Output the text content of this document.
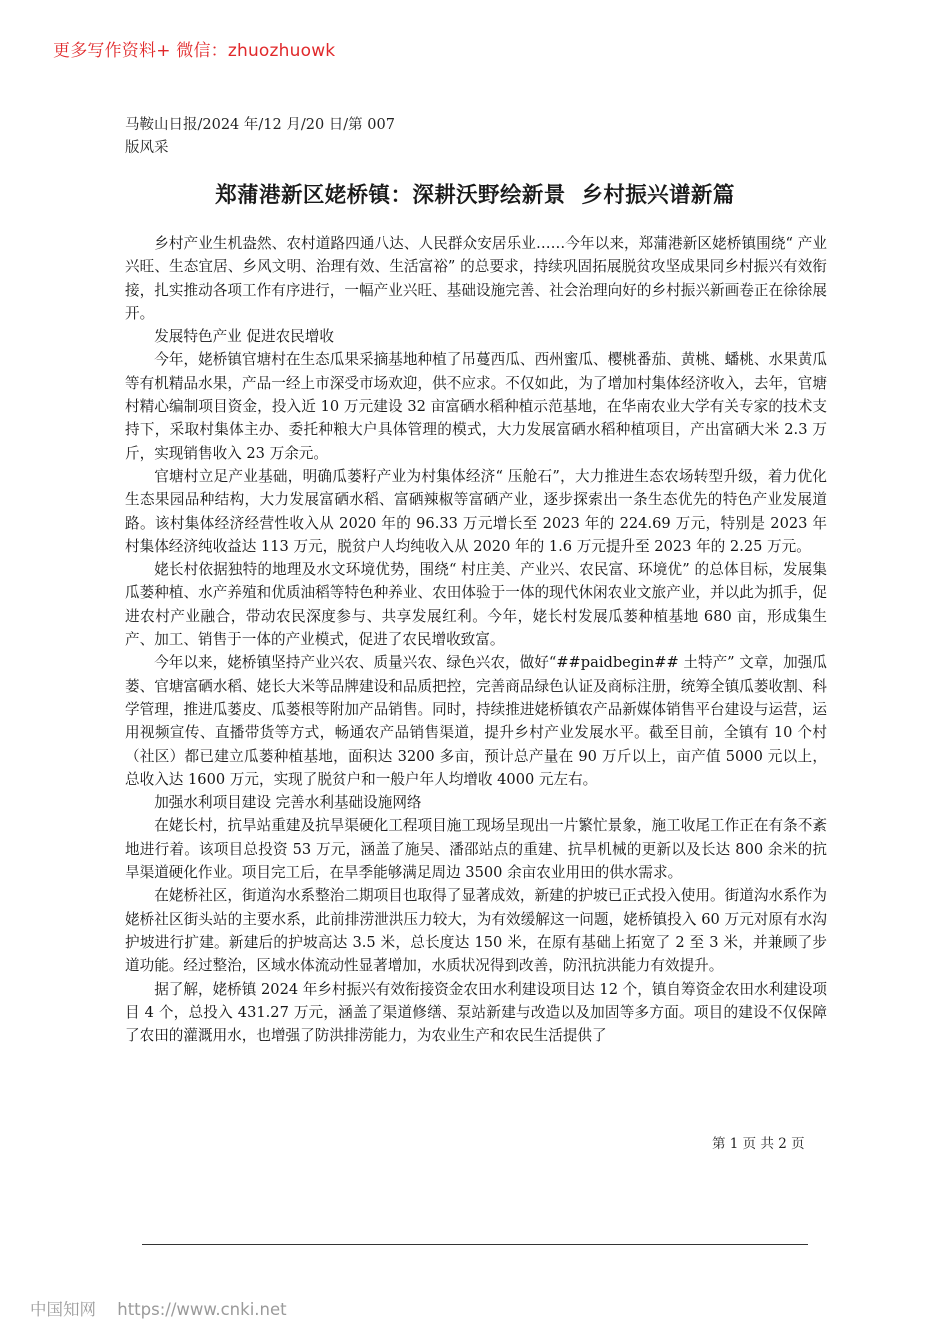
更多写作资料+ 微信：zhuozhuowk
马鞍山日报/2024 年/12 月/20 日/第 007
版风采
郑蒲港新区姥桥镇：深耕沃野绘新景  乡村振兴谱新篇

乡村产业生机盎然、农村道路四通八达、人民群众安居乐业……今年以来，郑蒲港新区姥桥镇围绕“ 产业兴旺、生态宜居、乡风文明、治理有效、生活富裕” 的总要求，持续巩固拓展脱贫攻坚成果同乡村振兴有效衔接，扎实推动各项工作有序进行，一幅产业兴旺、基础设施完善、社会治理向好的乡村振兴新画卷正在徐徐展开。

发展特色产业 促进农民增收

今年，姥桥镇官塘村在生态瓜果采摘基地种植了吊蔓西瓜、西州蜜瓜、樱桃番茄、黄桃、蟠桃、水果黄瓜等有机精品水果，产品一经上市深受市场欢迎，供不应求。不仅如此，为了增加村集体经济收入，去年，官塘村精心编制项目资金，投入近 10 万元建设 32 亩富硒水稻种植示范基地，在华南农业大学有关专家的技术支持下，采取村集体主办、委托种粮大户具体管理的模式，大力发展富硒水稻种植项目，产出富硒大米 2.3 万斤，实现销售收入 23 万余元。

官塘村立足产业基础，明确瓜蒌籽产业为村集体经济“ 压舱石”，大力推进生态农场转型升级，着力优化生态果园品种结构，大力发展富硒水稻、富硒辣椒等富硒产业，逐步探索出一条生态优先的特色产业发展道路。该村集体经济经营性收入从 2020 年的 96.33 万元增长至 2023 年的 224.69 万元，特别是 2023 年村集体经济纯收益达 113 万元，脱贫户人均纯收入从 2020 年的 1.6 万元提升至 2023 年的 2.25 万元。

姥长村依据独特的地理及水文环境优势，围绕“ 村庄美、产业兴、农民富、环境优” 的总体目标，发展集瓜蒌种植、水产养殖和优质油稻等特色种养业、农田体验于一体的现代休闲农业文旅产业，并以此为抓手，促进农村产业融合，带动农民深度参与、共享发展红利。今年，姥长村发展瓜蒌种植基地 680 亩，形成集生产、加工、销售于一体的产业模式，促进了农民增收致富。

今年以来，姥桥镇坚持产业兴农、质量兴农、绿色兴农，做好“##paidbegin## 土特产” 文章，加强瓜蒌、官塘富硒水稻、姥长大米等品牌建设和品质把控，完善商品绿色认证及商标注册，统筹全镇瓜蒌收割、科学管理，推进瓜蒌皮、瓜蒌根等附加产品销售。同时，持续推进姥桥镇农产品新媒体销售平台建设与运营，运用视频宣传、直播带货等方式，畅通农产品销售渠道，提升乡村产业发展水平。截至目前，全镇有 10 个村（社区）都已建立瓜蒌种植基地，面积达 3200 多亩，预计总产量在 90 万斤以上，亩产值 5000 元以上，总收入达 1600 万元，实现了脱贫户和一般户年人均增收 4000 元左右。

加强水利项目建设 完善水利基础设施网络

在姥长村，抗旱站重建及抗旱渠硬化工程项目施工现场呈现出一片繁忙景象，施工收尾工作正在有条不紊地进行着。该项目总投资 53 万元，涵盖了施吴、潘邵站点的重建、抗旱机械的更新以及长达 800 余米的抗旱渠道硬化作业。项目完工后，在旱季能够满足周边 3500 余亩农业用田的供水需求。

在姥桥社区，街道沟水系整治二期项目也取得了显著成效，新建的护坡已正式投入使用。街道沟水系作为姥桥社区街头站的主要水系，此前排涝泄洪压力较大，为有效缓解这一问题，姥桥镇投入 60 万元对原有水沟护坡进行扩建。新建后的护坡高达 3.5 米，总长度达 150 米，在原有基础上拓宽了 2 至 3 米，并兼顾了步道功能。经过整治，区域水体流动性显著增加，水质状况得到改善，防汛抗洪能力有效提升。

据了解，姥桥镇 2024 年乡村振兴有效衔接资金农田水利建设项目达 12 个，镇自筹资金农田水利建设项目 4 个，总投入 431.27 万元，涵盖了渠道修缮、泵站新建与改造以及加固等多方面。项目的建设不仅保障了农田的灌溉用水，也增强了防洪排涝能力，为农业生产和农民生活提供了

第 1 页 共 2 页
中国知网 https://www.cnki.net
